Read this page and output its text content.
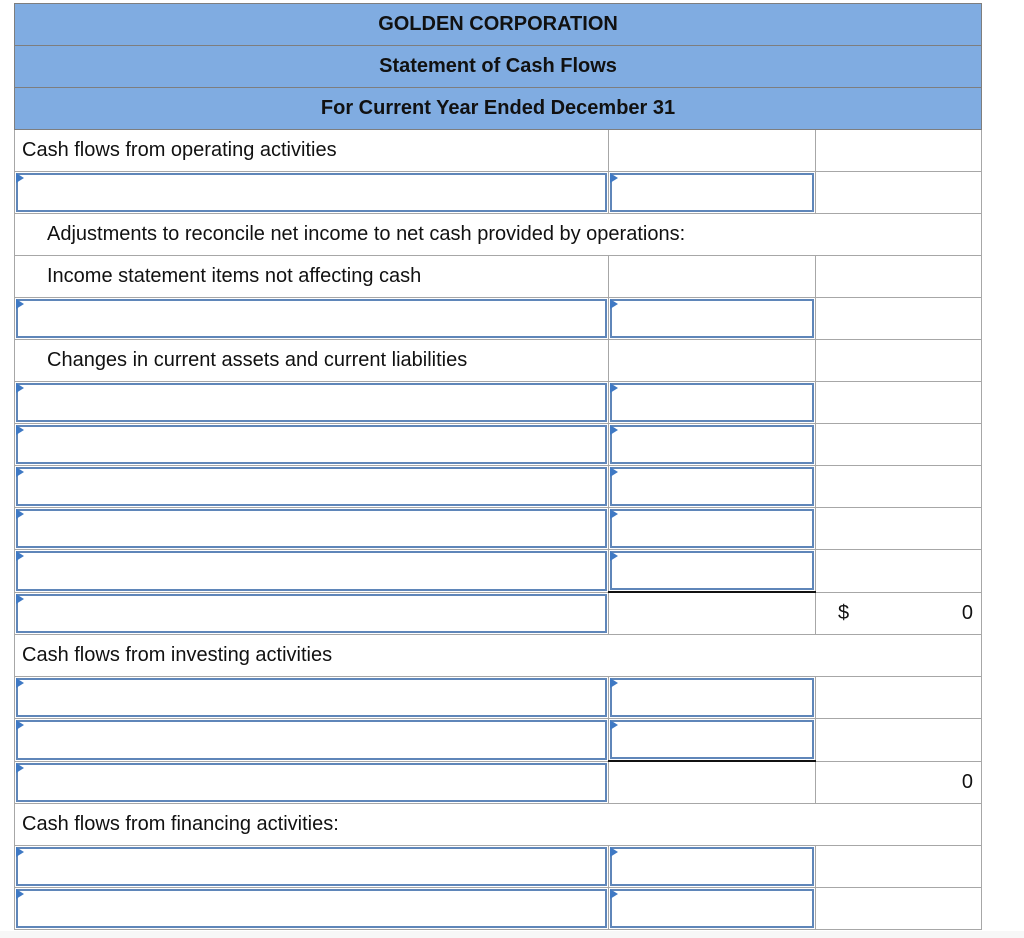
GOLDEN CORPORATION		
Statement of Cash Flows		
For Current Year Ended December 31		
Cash flows from operating activities		

Adjustments to reconcile net income to net cash provided by operations:		
Income statement items not affecting cash		

Changes in current assets and current liabilities		

$ 0

Cash flows from investing activities		

0

Cash flows from financing activities:		
